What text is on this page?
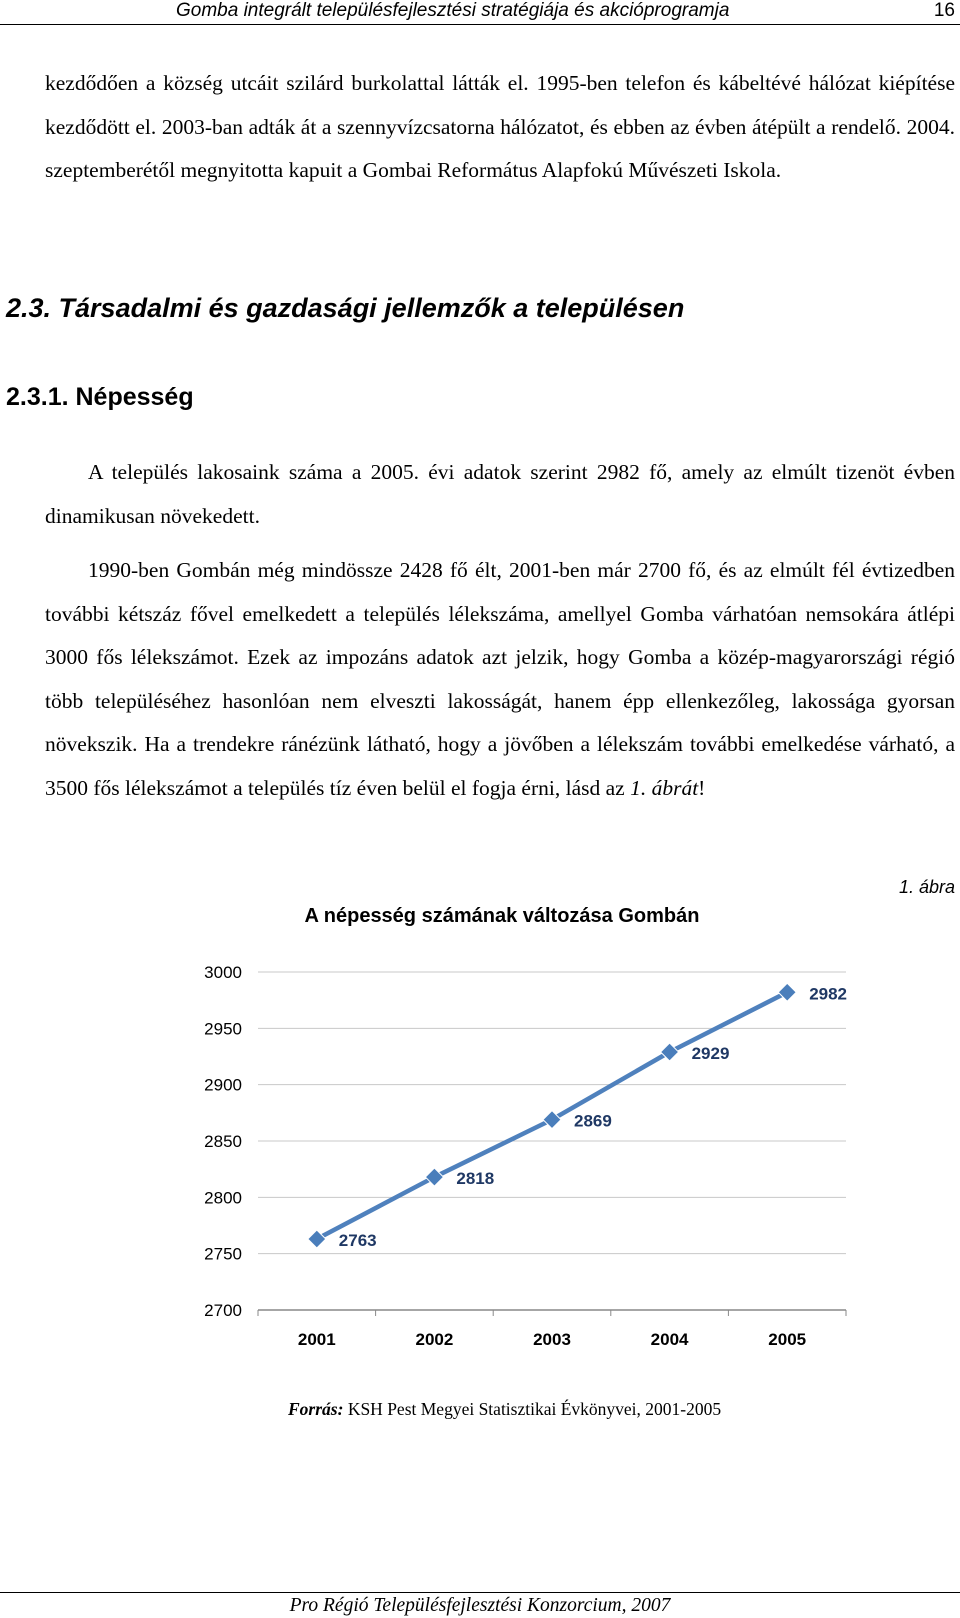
Gomba integrált településfejlesztési stratégiája és akcióprogramja	16

kezdődően a község utcáit szilárd burkolattal látták el. 1995-ben telefon és kábeltévé hálózat kiépítése kezdődött el. 2003-ban adták át a szennyvízcsatorna hálózatot, és ebben az évben átépült a rendelő. 2004. szeptemberétől megnyitotta kapuit a Gombai Református Alapfokú Művészeti Iskola.

2.3. Társadalmi és gazdasági jellemzők a településen
2.3.1. Népesség

A település lakosaink száma a 2005. évi adatok szerint 2982 fő, amely az elmúlt tizenöt évben dinamikusan növekedett.

1990-ben Gombán még mindössze 2428 fő élt, 2001-ben már 2700 fő, és az elmúlt fél évtizedben további kétszáz fővel emelkedett a település lélekszáma, amellyel Gomba várhatóan nemsokára átlépi 3000 fős lélekszámot. Ezek az impozáns adatok azt jelzik, hogy Gomba a közép-magyarországi régió több településéhez hasonlóan nem elveszti lakosságát, hanem épp ellenkezőleg, lakossága gyorsan növekszik. Ha a trendekre ránézünk látható, hogy a jövőben a lélekszám további emelkedése várható, a 3500 fős lélekszámot a település tíz éven belül el fogja érni, lásd az 1. ábrát!

1. ábra
A népesség számának változása Gombán
2700
2750
2800
2850
2900
2950
3000
2001	2002	2003	2004	2005
2763
2818
2869
2929
2982
Forrás: KSH Pest Megyei Statisztikai Évkönyvei, 2001-2005
Pro Régió Településfejlesztési Konzorcium, 2007
